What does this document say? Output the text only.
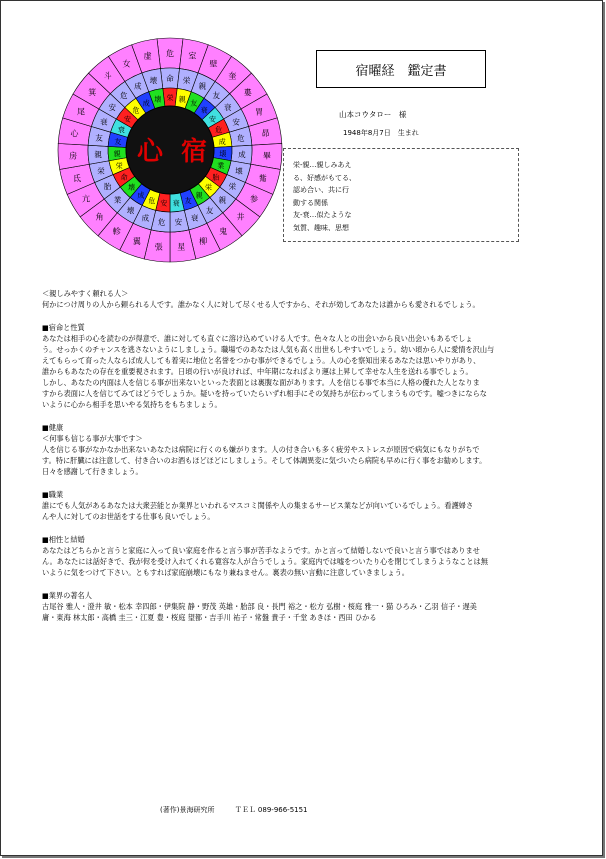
危
命
栄
室
栄
親
壁
親
友
奎
友
衰
婁
衰
安
胃
安
危	昴
危
成
畢
成
壊
觜
壊
業
参
栄
胎
井
親
栄
鬼
友
親
柳
衰
友
星
安
衰
張
危
安
翼
成
危
軫
壊
成
角
業
壊
亢
胎
命
氐
栄
栄
房 親 親
心 友 友
尾
衰
衰
箕
安
安
斗
危
危
女
成
成
虚
壊
壊
心 宿
宿曜経　鑑定書
山本コウタロー　様
1948年8月7日　生まれ
栄-親…親しみあえ
る、好感がもてる、
認め合い、共に行
動する関係
友-衰…似たような
気質、趣味、思想
＜親しみやすく頼れる人＞
何かにつけ周りの人から頼られる人です。誰かなく人に対して尽くせる人ですから、それが効してあなたは誰からも愛されるでしょう。
■宿命と性質
あなたは相手の心を読むのが得意で、誰に対しても直ぐに溶け込めていける人です。色々な人との出会いから良い出会いもあるでしょ
う。せっかくのチャンスを逃さないようにしましょう。職場でのあなたは人気も高く出世もしやすいでしょう。幼い頃から人に愛情を沢山与
えてもらって育った人ならば成人しても着実に地位と名誉をつかむ事ができるでしょう。人の心を察知出来るあなたは思いやりがあり、
誰からもあなたの存在を重要視されます。日頃の行いが良ければ、中年期になればより運は上昇して幸せな人生を送れる事でしょう。
しかし、あなたの内面は人を信じる事が出来ないといった表面とは裏腹な面があります。人を信じる事で本当に人格の優れた人となりま
すから表面に人を信じてみてはどうでしょうか。疑いを持っていたらいずれ相手にその気持ちが伝わってしまうものです。嘘つきにならな
いように心から相手を思いやる気持ちをもちましょう。
■健康
＜何事も信じる事が大事です＞
人を信じる事がなかなか出来ないあなたは病院に行くのも嫌がります。人の付き合いも多く疲労やストレスが原因で病気にもなりがちで
す。特に肝臓には注意して、付き合いのお酒もほどほどにしましょう。そして体調異変に気づいたら病院も早めに行く事をお勧めします。
日々を感謝して行きましょう。
■職業
誰にでも人気があるあなたは大衆芸能とか業界といわれるマスコミ関係や人の集まるサービス業などが向いているでしょう。看護婦さ
んや人に対してのお世話をする仕事も良いでしょう。
■相性と結婚
あなたはどちらかと言うと家庭に入って良い家庭を作ると言う事が苦手なようです。かと言って結婚しないで良いと言う事ではありませ
ん。あなたには話好きで、我が侭を受け入れてくれる寛容な人が合うでしょう。家庭内では嘘をついたり心を閉じてしまうようなことは無
いように気をつけて下さい。ともすれば家庭崩壊にもなり兼ねません。裏表の無い言動に注意していきましょう。
■業界の著名人
古尾谷 雅人・澄井 敏・松本 幸四郎・伊集院 静・野茂 英雄・胎部 良・長門 裕之・松方 弘樹・桜庭 雅一・猫 ひろみ・乙羽 信子・遅美
庸・東海 林太郎・高橋 圭三・江夏 豊・桜庭 望都・吉手川 祐子・常盤 貴子・千堂 あきほ・西田 ひかる
(著作)景海研究所	ＴＥＬ 089-966-5151
